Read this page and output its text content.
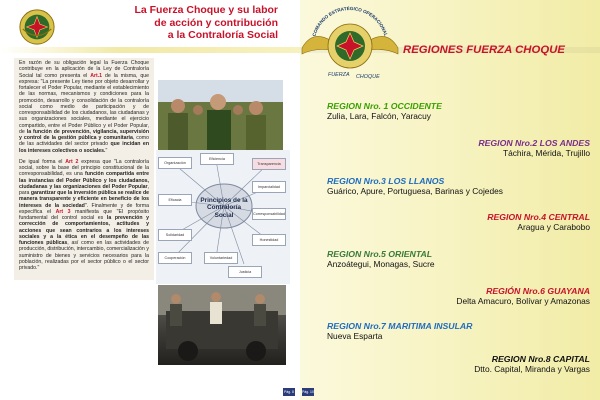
La Fuerza Choque y su labor
de acción y contribución
a la Contraloría Social

En razón de su obligación legal la Fuerza Choque contribuye en la aplicación de la Ley de Contraloría Social tal como presenta el Art.1 de la misma, que expresa: "La presente Ley tiene por objeto desarrollar y fortalecer el Poder Popular, mediante el establecimiento de las normas, mecanismos y condiciones para la promoción, desarrollo y consolidación de la contraloría social como medio de participación y de corresponsabilidad de los ciudadanos, las ciudadanas y sus organizaciones sociales, mediante el ejercicio compartido, entre el Poder Público y el Poder Popular, de la función de prevención, vigilancia, supervisión y control de la gestión pública y comunitaria, como de las actividades del sector privado que incidan en los intereses colectivos o sociales."

De igual forma el Art 2 expresa que "La contraloría social, sobre la base del principio constitucional de la corresponsabilidad, es una función compartida entre las instancias del Poder Público y los ciudadanos, ciudadanas y las organizaciones del Poder Popular, para garantizar que la inversión pública se realice de manera transparente y eficiente en beneficio de los intereses de la sociedad". Finalmente y de forma específica el Art 3 manifiesta que "El propósito fundamental del control social es la prevención y corrección de comportamientos, actitudes y acciones que sean contrarios a los intereses sociales y a la ética en el desempeño de las funciones públicas, así como en las actividades de producción, distribución, intercambio, comercialización y suministro de bienes y servicios necesarios para la población, realizadas por el sector público o el sector privado."

Principios de la
Contraloría Social
Organización
Eficiencia
Transparencia
Imparcialidad
Corresponsabilidad
Honestidad
Voluntariedad
Cooperación
Solidaridad
Justicia
Eficacia
Pág. 8
COMANDO ESTRATÉGICO OPERACIONAL
FUERZA CHOQUE
REGIONES FUERZA CHOQUE
REGION Nro. 1 OCCIDENTE
Zulia, Lara, Falcón, Yaracuy
REGION Nro.2 LOS ANDES
Táchira, Mérida, Trujillo
REGION Nro.3 LOS LLANOS
Guárico, Apure, Portuguesa, Barinas y Cojedes
REGION Nro.4 CENTRAL
Aragua y Carabobo
REGION Nro.5 ORIENTAL
Anzoátegui, Monagas, Sucre
REGIÓN Nro.6 GUAYANA
Delta Amacuro, Bolívar y Amazonas
REGION Nro.7 MARITIMA INSULAR
Nueva Esparta
REGION Nro.8 CAPITAL
Dtto. Capital, Miranda y Vargas
Pág. 10
